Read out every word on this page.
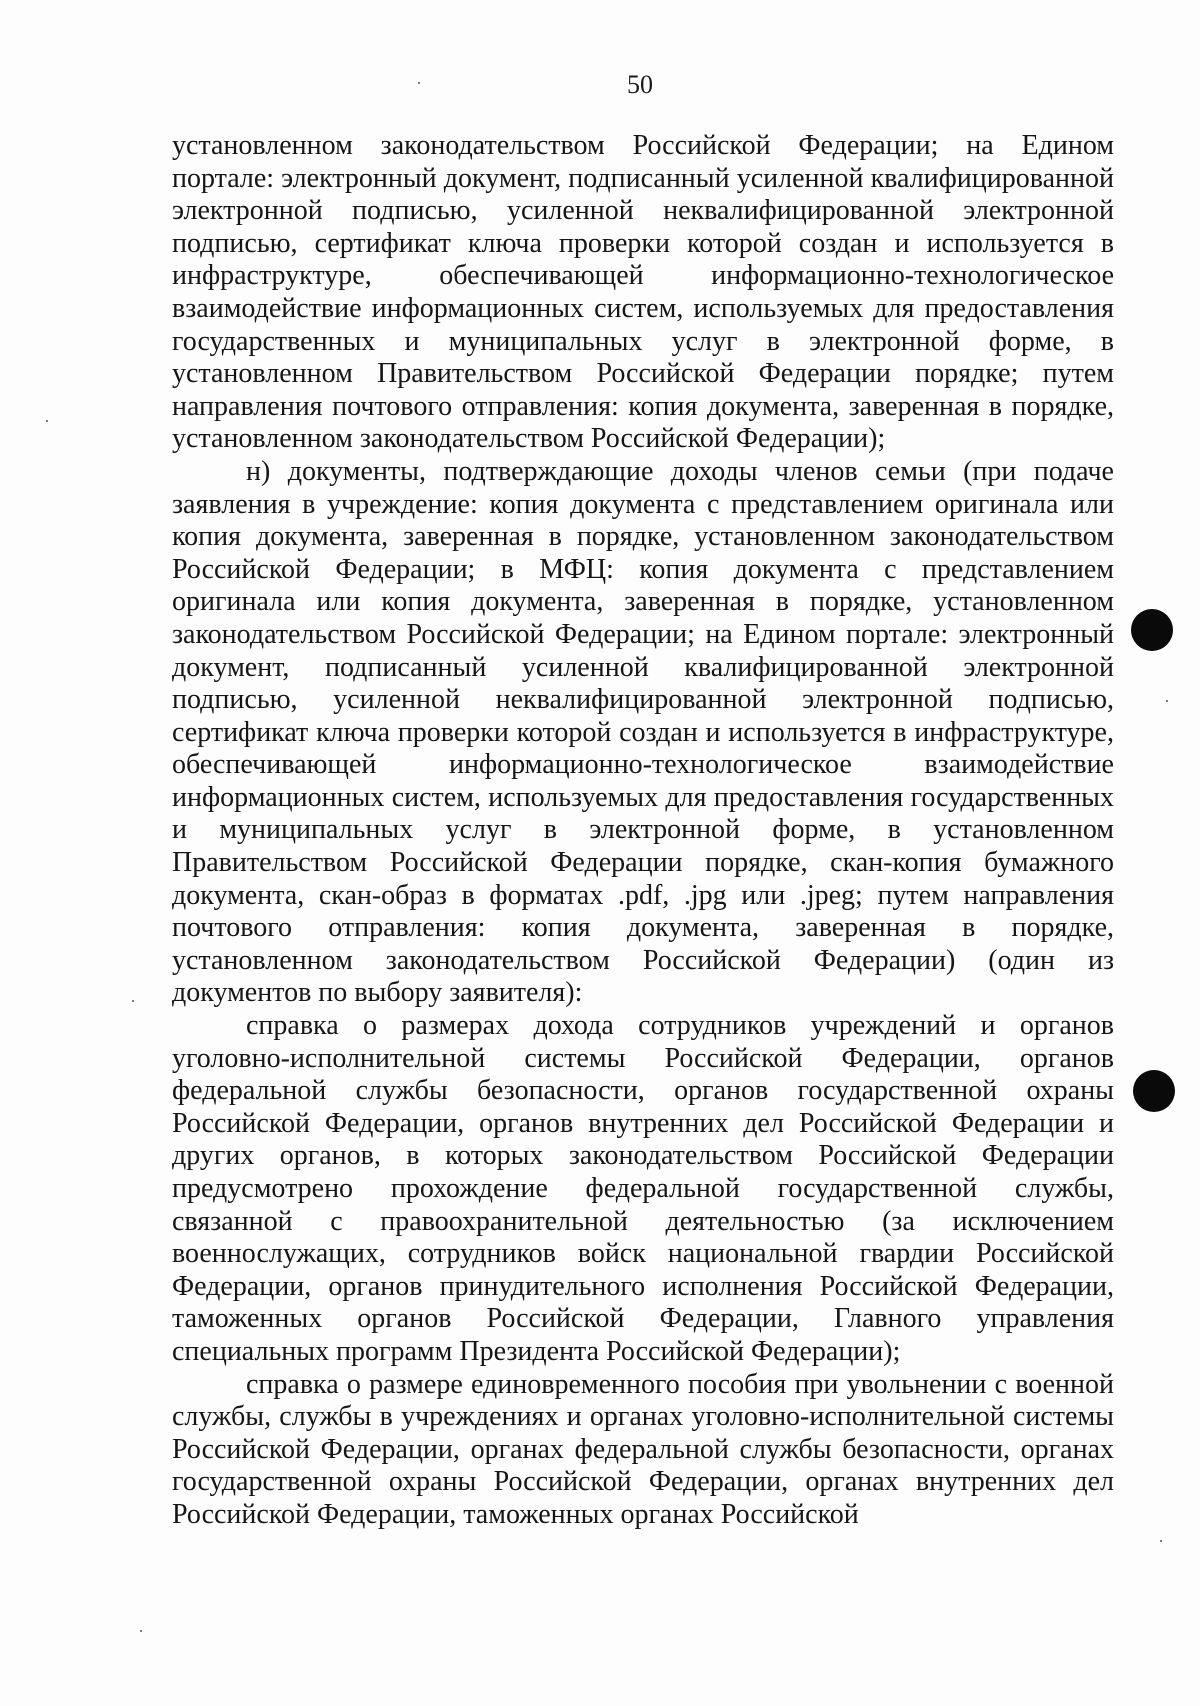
50

установленном законодательством Российской Федерации; на Едином портале: электронный документ, подписанный усиленной квалифицированной электронной подписью, усиленной неквалифицированной электронной подписью, сертификат ключа проверки которой создан и используется в инфраструктуре, обеспечивающей информационно-технологическое взаимодействие информационных систем, используемых для предоставления государственных и муниципальных услуг в электронной форме, в установленном Правительством Российской Федерации порядке; путем направления почтового отправления: копия документа, заверенная в порядке, установленном законодательством Российской Федерации);

н) документы, подтверждающие доходы членов семьи (при подаче заявления в учреждение: копия документа с представлением оригинала или копия документа, заверенная в порядке, установленном законодательством Российской Федерации; в МФЦ: копия документа с представлением оригинала или копия документа, заверенная в порядке, установленном законодательством Российской Федерации; на Едином портале: электронный документ, подписанный усиленной квалифицированной электронной подписью, усиленной неквалифицированной электронной подписью, сертификат ключа проверки которой создан и используется в инфраструктуре, обеспечивающей информационно-технологическое взаимодействие информационных систем, используемых для предоставления государственных и муниципальных услуг в электронной форме, в установленном Правительством Российской Федерации порядке, скан-копия бумажного документа, скан-образ в форматах .pdf, .jpg или .jpeg; путем направления почтового отправления: копия документа, заверенная в порядке, установленном законодательством Российской Федерации) (один из документов по выбору заявителя):

справка о размерах дохода сотрудников учреждений и органов уголовно-исполнительной системы Российской Федерации, органов федеральной службы безопасности, органов государственной охраны Российской Федерации, органов внутренних дел Российской Федерации и других органов, в которых законодательством Российской Федерации предусмотрено прохождение федеральной государственной службы, связанной с правоохранительной деятельностью (за исключением военнослужащих, сотрудников войск национальной гвардии Российской Федерации, органов принудительного исполнения Российской Федерации, таможенных органов Российской Федерации, Главного управления специальных программ Президента Российской Федерации);

справка о размере единовременного пособия при увольнении с военной службы, службы в учреждениях и органах уголовно-исполнительной системы Российской Федерации, органах федеральной службы безопасности, органах государственной охраны Российской Федерации, органах внутренних дел Российской Федерации, таможенных органах Российской
